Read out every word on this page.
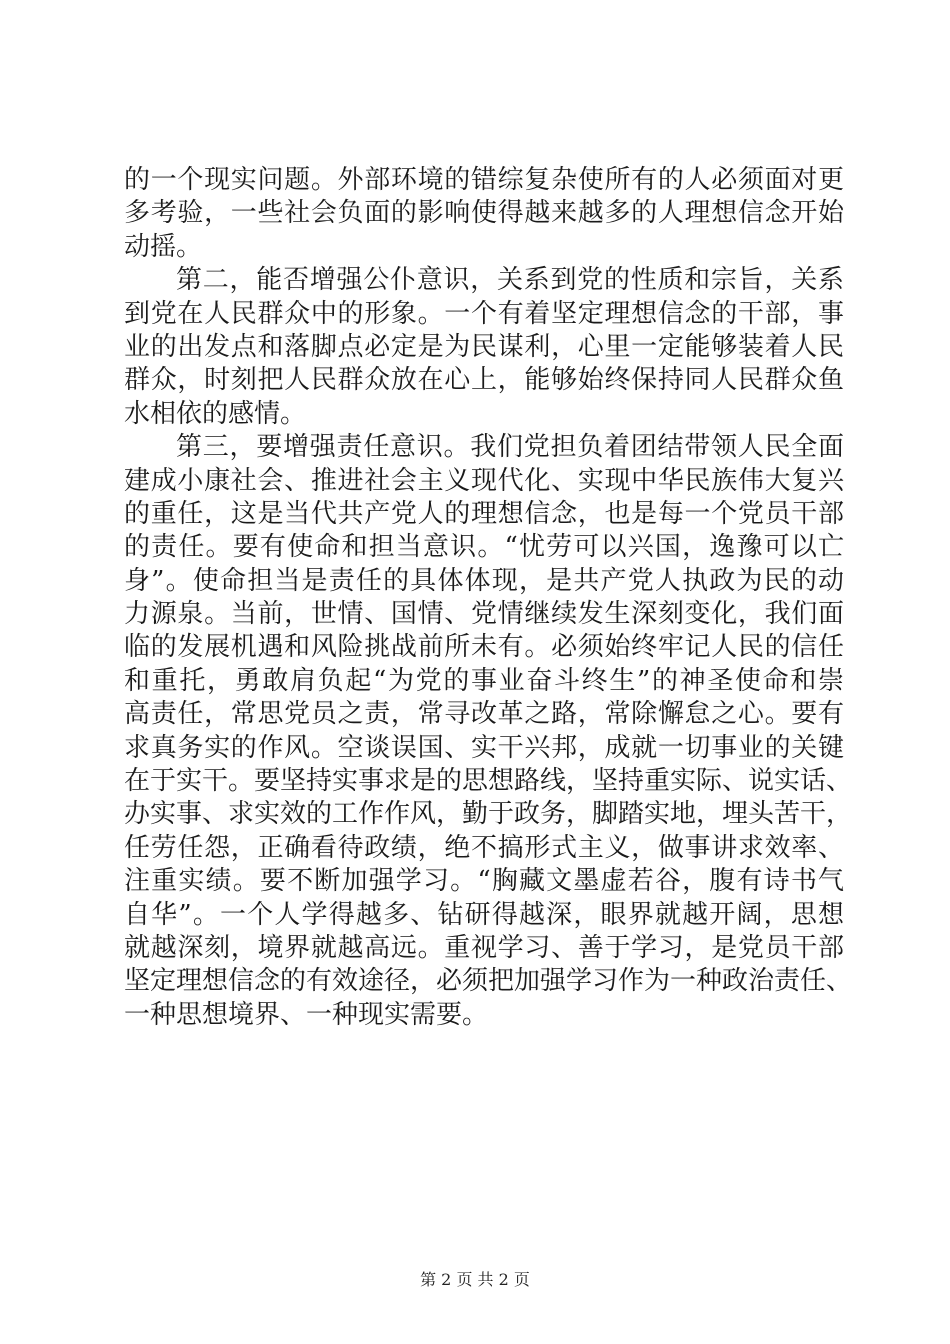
的一个现实问题。外部环境的错综复杂使所有的人必须面对更
多考验，一些社会负面的影响使得越来越多的人理想信念开始
动摇。
第二，能否增强公仆意识，关系到党的性质和宗旨，关系
到党在人民群众中的形象。一个有着坚定理想信念的干部，事
业的出发点和落脚点必定是为民谋利，心里一定能够装着人民
群众，时刻把人民群众放在心上，能够始终保持同人民群众鱼
水相依的感情。
第三，要增强责任意识。我们党担负着团结带领人民全面
建成小康社会、推进社会主义现代化、实现中华民族伟大复兴
的重任，这是当代共产党人的理想信念，也是每一个党员干部
的责任。要有使命和担当意识。“忧劳可以兴国，逸豫可以亡
身”。使命担当是责任的具体体现，是共产党人执政为民的动
力源泉。当前，世情、国情、党情继续发生深刻变化，我们面
临的发展机遇和风险挑战前所未有。必须始终牢记人民的信任
和重托，勇敢肩负起“为党的事业奋斗终生”的神圣使命和崇
高责任，常思党员之责，常寻改革之路，常除懈怠之心。要有
求真务实的作风。空谈误国、实干兴邦，成就一切事业的关键
在于实干。要坚持实事求是的思想路线，坚持重实际、说实话、
办实事、求实效的工作作风，勤于政务，脚踏实地，埋头苦干，
任劳任怨，正确看待政绩，绝不搞形式主义，做事讲求效率、
注重实绩。要不断加强学习。“胸藏文墨虚若谷，腹有诗书气
自华”。一个人学得越多、钻研得越深，眼界就越开阔，思想
就越深刻，境界就越高远。重视学习、善于学习，是党员干部
坚定理想信念的有效途径，必须把加强学习作为一种政治责任、
一种思想境界、一种现实需要。
第 2 页 共 2 页
